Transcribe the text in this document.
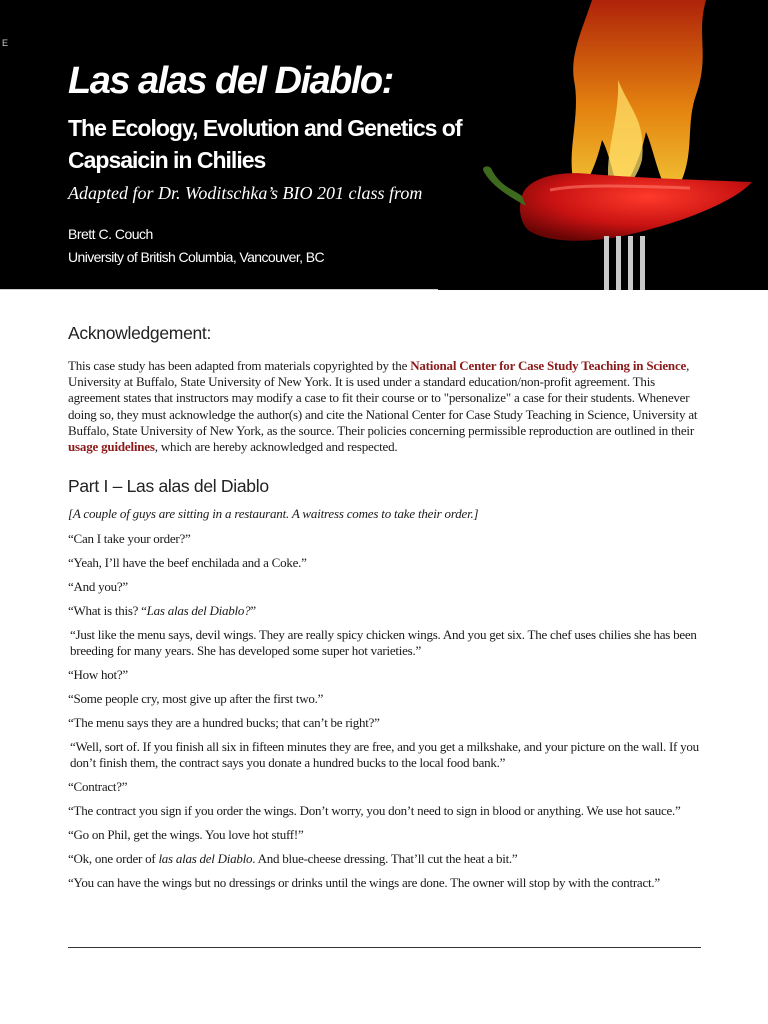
E
Las alas del Diablo:

The Ecology, Evolution and Genetics of Capsaicin in Chilies

Adapted for Dr. Woditschka’s BIO 201 class from

Brett C. Couch

University of British Columbia, Vancouver, BC

Acknowledgement:

This case study has been adapted from materials copyrighted by the National Center for Case Study Teaching in Science, University at Buffalo, State University of New York. It is used under a standard education/non-profit agreement. This agreement states that instructors may modify a case to fit their course or to "personalize" a case for their students. Whenever doing so, they must acknowledge the author(s) and cite the National Center for Case Study Teaching in Science, University at Buffalo, State University of New York, as the source. Their policies concerning permissible reproduction are outlined in their usage guidelines, which are hereby acknowledged and respected.

Part I – Las alas del Diablo

[A couple of guys are sitting in a restaurant. A waitress comes to take their order.]

“Can I take your order?”

“Yeah, I’ll have the beef enchilada and a Coke.”

“And you?”

“What is this? “Las alas del Diablo?”

“Just like the menu says, devil wings. They are really spicy chicken wings. And you get six. The chef uses chilies she has been breeding for many years. She has developed some super hot varieties.”

“How hot?”

“Some people cry, most give up after the first two.”

“The menu says they are a hundred bucks; that can’t be right?”

“Well, sort of. If you finish all six in fifteen minutes they are free, and you get a milkshake, and your picture on the wall. If you don’t finish them, the contract says you donate a hundred bucks to the local food bank.”

“Contract?”

“The contract you sign if you order the wings. Don’t worry, you don’t need to sign in blood or anything. We use hot sauce.”

“Go on Phil, get the wings. You love hot stuff!”

“Ok, one order of las alas del Diablo. And blue-cheese dressing. That’ll cut the heat a bit.”

“You can have the wings but no dressings or drinks until the wings are done. The owner will stop by with the contract.”
